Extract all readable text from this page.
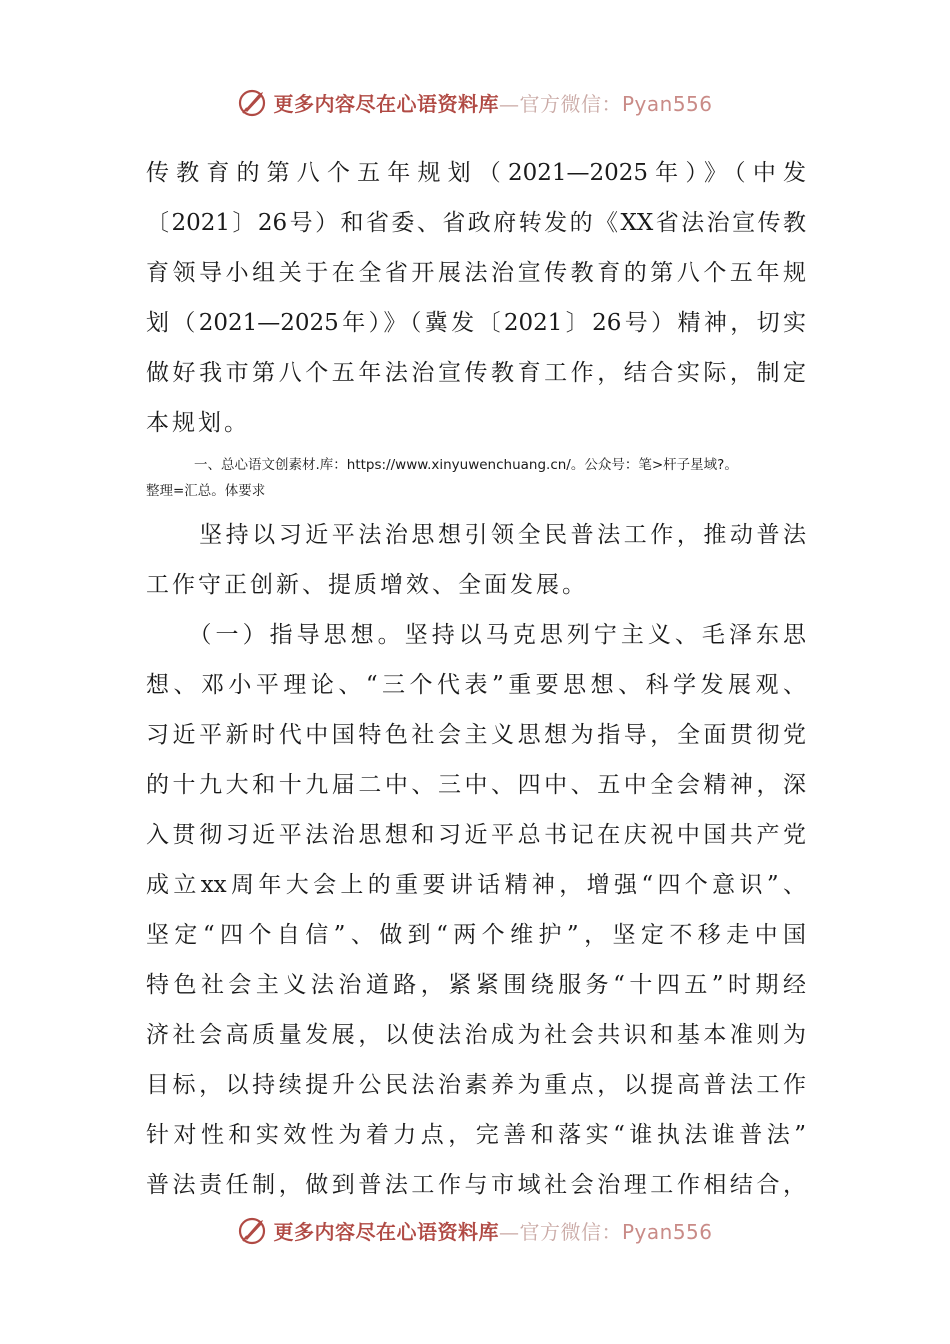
更多内容尽在心语资料库—官方微信：Pyan556
传教育的第八个五年规划（2021—2025年）》（中发
〔2021〕26号）和省委、省政府转发的《XX省法治宣传教
育领导小组关于在全省开展法治宣传教育的第八个五年规
划（2021—2025年）》（冀发〔2021〕26号）精神，切实
做好我市第八个五年法治宣传教育工作，结合实际，制定
本规划。
一、总心语文创素材.库：https://www.xinyuwenchuang.cn/。公众号：笔>杆子星域?。
整理=汇总。体要求
　　坚持以习近平法治思想引领全民普法工作，推动普法
工作守正创新、提质增效、全面发展。
　　（一）指导思想。坚持以马克思列宁主义、毛泽东思
想、邓小平理论、“三个代表”重要思想、科学发展观、
习近平新时代中国特色社会主义思想为指导，全面贯彻党
的十九大和十九届二中、三中、四中、五中全会精神，深
入贯彻习近平法治思想和习近平总书记在庆祝中国共产党
成立xx周年大会上的重要讲话精神，增强“四个意识”、
坚定“四个自信”、做到“两个维护”，坚定不移走中国
特色社会主义法治道路，紧紧围绕服务“十四五”时期经
济社会高质量发展，以使法治成为社会共识和基本准则为
目标，以持续提升公民法治素养为重点，以提高普法工作
针对性和实效性为着力点，完善和落实“谁执法谁普法”
普法责任制，做到普法工作与市域社会治理工作相结合，
更多内容尽在心语资料库—官方微信：Pyan556
